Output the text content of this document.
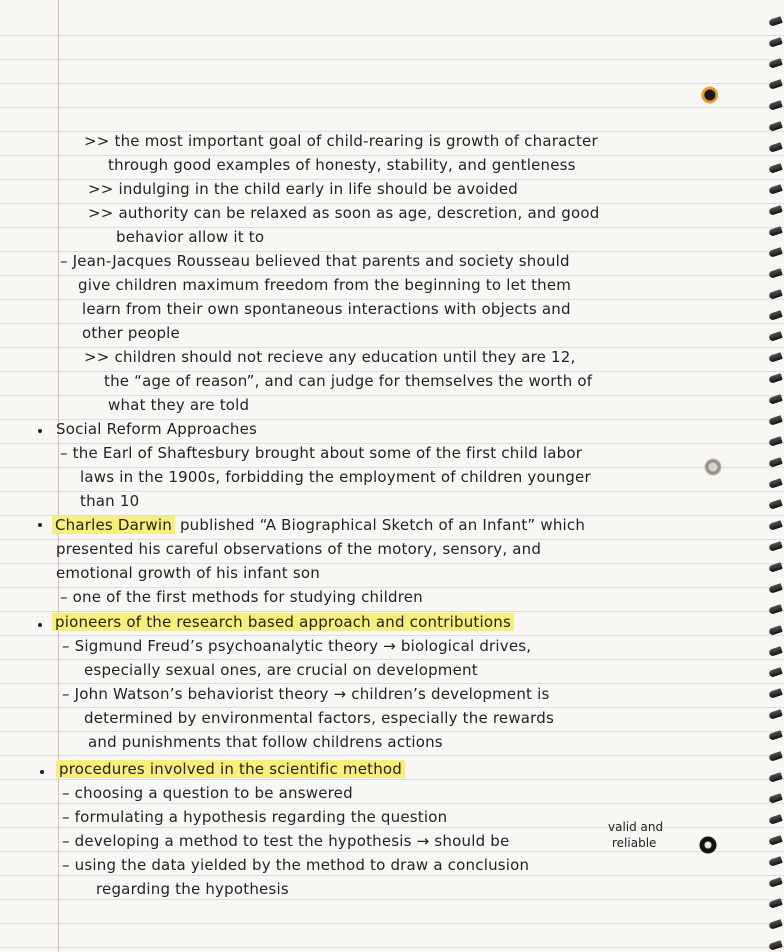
>> the most important goal of child-rearing is growth of character
through good examples of honesty, stability, and gentleness
>> indulging in the child early in life should be avoided
>> authority can be relaxed as soon as age, descretion, and good
behavior allow it to
– Jean-Jacques Rousseau believed that parents and society should
give children maximum freedom from the beginning to let them
learn from their own spontaneous interactions with objects and
other people
>> children should not recieve any education until they are 12,
the “age of reason”, and can judge for themselves the worth of
what they are told
Social Reform Approaches
– the Earl of Shaftesbury brought about some of the first child labor
laws in the 1900s, forbidding the employment of children younger
than 10
Charles Darwin published “A Biographical Sketch of an Infant” which
presented his careful observations of the motory, sensory, and
emotional growth of his infant son
– one of the first methods for studying children
pioneers of the research based approach and contributions
– Sigmund Freud’s psychoanalytic theory → biological drives,
especially sexual ones, are crucial on development
– John Watson’s behaviorist theory → children’s development is
determined by environmental factors, especially the rewards
and punishments that follow childrens actions
procedures involved in the scientific method
– choosing a question to be answered
– formulating a hypothesis regarding the question
– developing a method to test the hypothesis → should be
– using the data yielded by the method to draw a conclusion
regarding the hypothesis
valid and
reliable
